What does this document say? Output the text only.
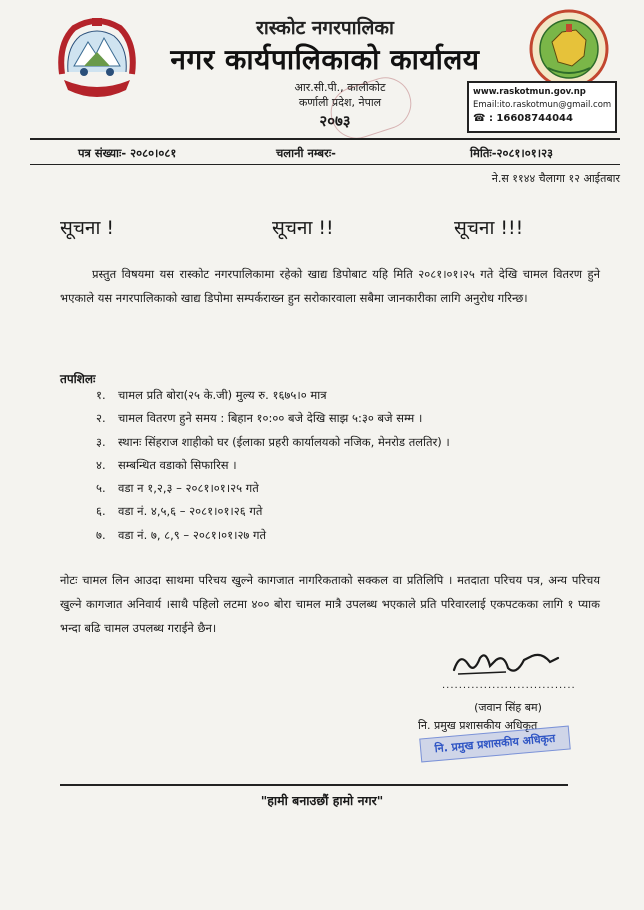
रास्कोट नगरपालिका
नगर कार्यपालिकाको कार्यालय
आर.सी.पी., कालीकोट
कर्णाली प्रदेश, नेपाल
२०७३
www.raskotmun.gov.np
Email:ito.raskotmun@gmail.com
☎ : 16608744044
पत्र संख्याः- २०८०।०८१	चलानी नम्बरः-	मितिः-२०८१।०१।२३
ने.स ११४४ चैलागा १२ आईतबार
सूचना !	सूचना !!	सूचना !!!
प्रस्तुत विषयमा यस रास्कोट नगरपालिकामा रहेको खाद्य डिपोबाट यहि मिति २०८१।०१।२५ गते देखि चामल वितरण हुने भएकाले यस नगरपालिकाको खाद्य डिपोमा सम्पर्कराख्न हुन सरोकारवाला सबैमा जानकारीका लागि अनुरोध गरिन्छ।
तपशिलः
१. चामल प्रति बोरा(२५ के.जी) मुल्य रु. १६७५।० मात्र
२. चामल वितरण हुने समय : बिहान १०:०० बजे देखि साझ ५:३० बजे सम्म ।
३. स्थानः सिंहराज शाहीको घर (ईलाका प्रहरी कार्यालयको नजिक, मेनरोड तलतिर) ।
४. सम्बन्धित वडाको सिफारिस ।
५. वडा न १,२,३ – २०८१।०१।२५ गते
६. वडा नं. ४,५,६ – २०८१।०१।२६ गते
७. वडा नं. ७, ८,९ – २०८१।०१।२७ गते
नोटः चामल लिन आउदा साथमा परिचय खुल्ने कागजात नागरिकताको सक्कल वा प्रतिलिपि । मतदाता परिचय पत्र, अन्य परिचय खुल्ने कागजात अनिवार्य ।साथै पहिलो लटमा ४०० बोरा चामल मात्रै उपलब्ध भएकाले प्रति परिवारलाई एकपटकका लागि १ प्याक भन्दा बढि चामल उपलब्ध गराईने छैन।
................................
(जवान सिंह बम)
नि. प्रमुख प्रशासकीय अधिकृत
नि. प्रमुख प्रशासकीय अधिकृत
"हामी बनाउछौं हामो नगर"
